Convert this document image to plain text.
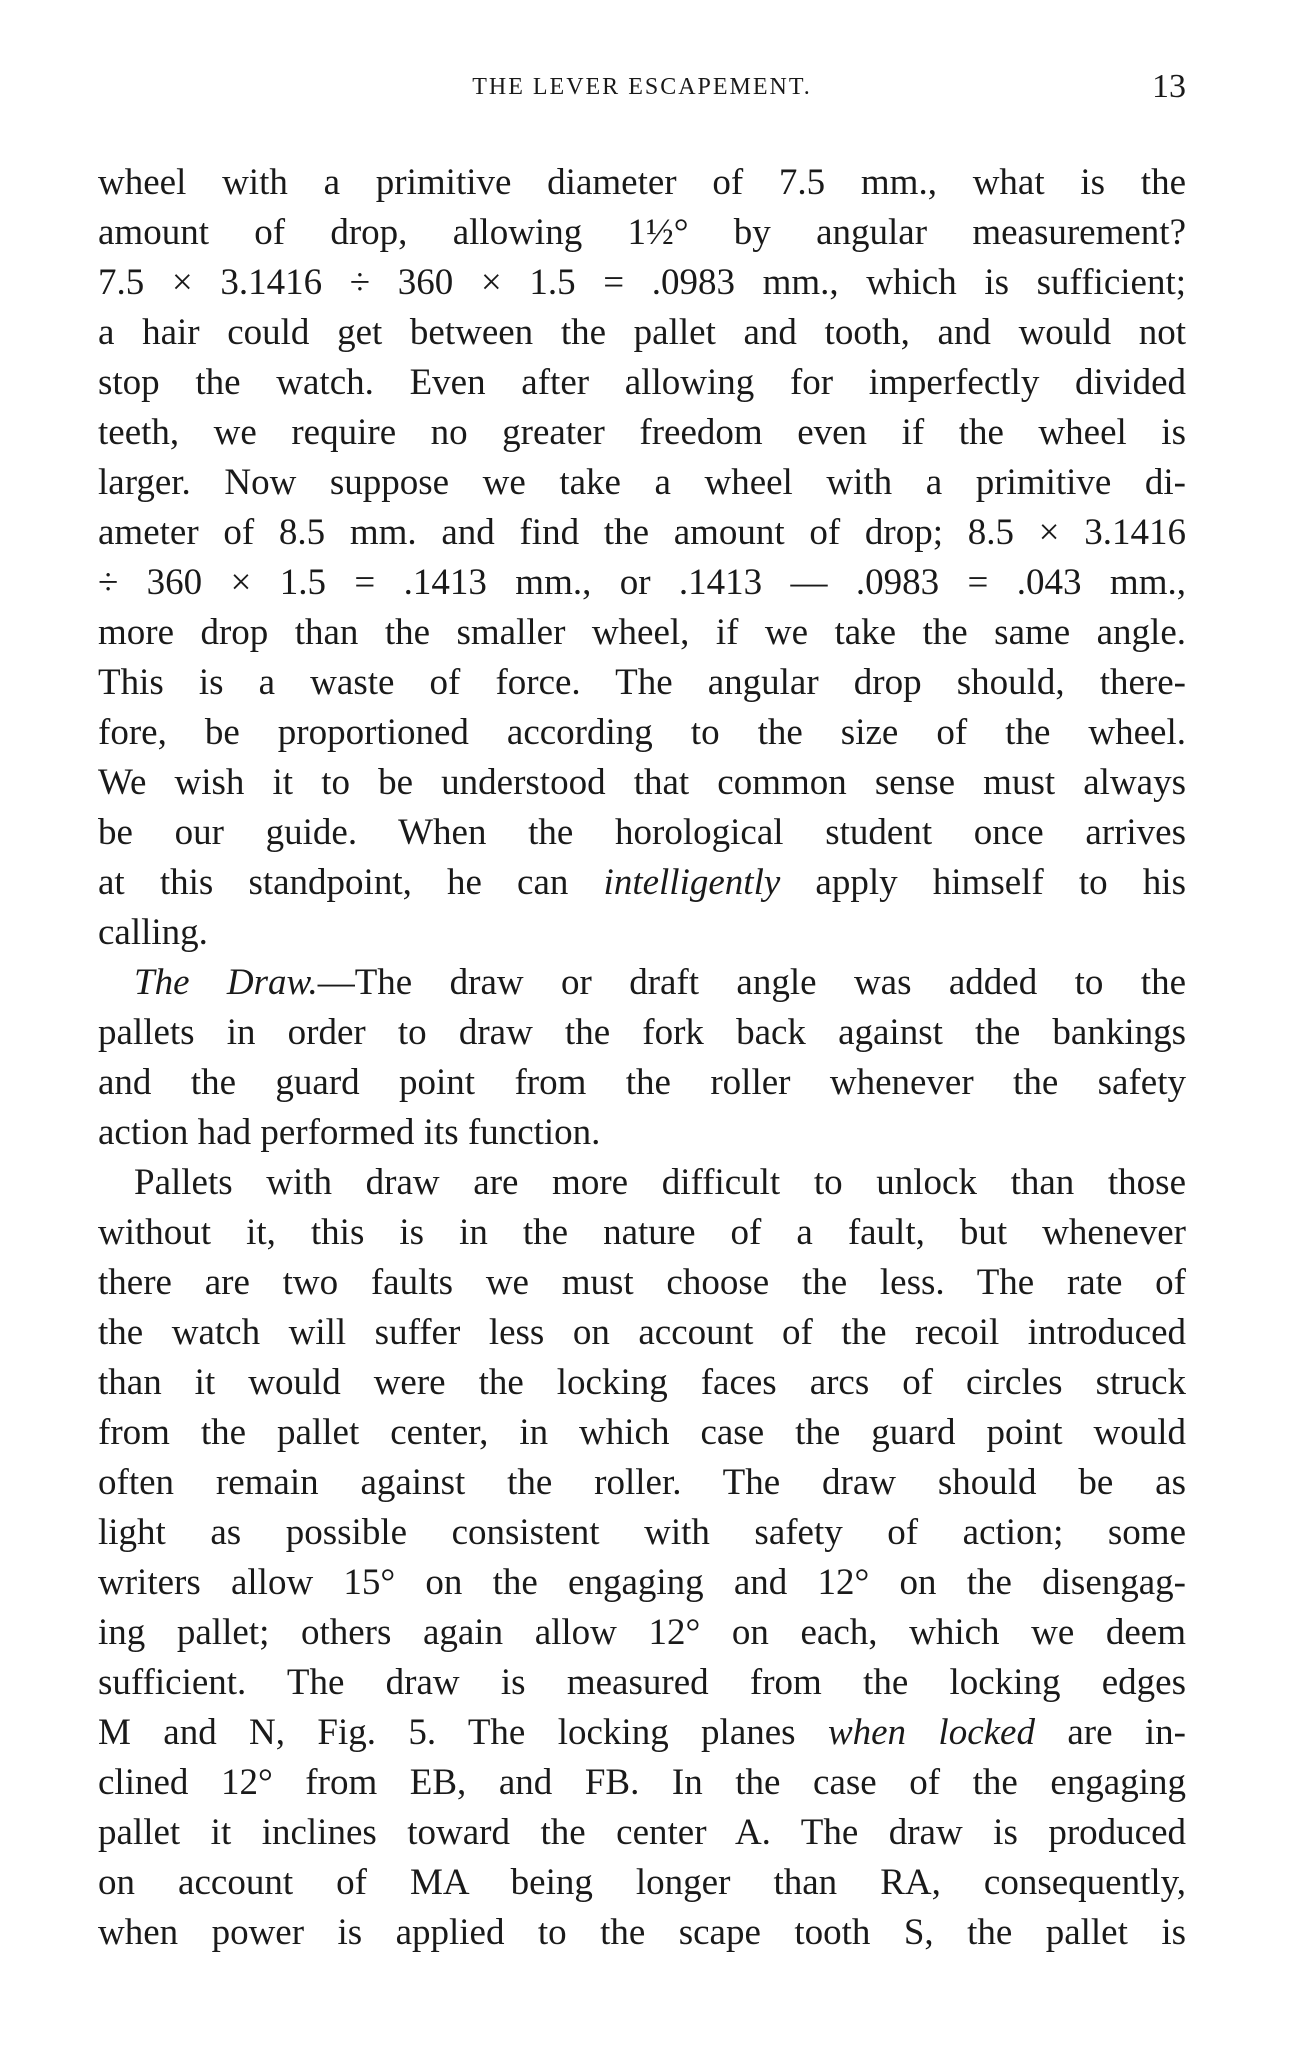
THE LEVER ESCAPEMENT.	13
wheel with a primitive diameter of 7.5 mm., what is the
amount of drop, allowing 1½° by angular measurement?
7.5 × 3.1416 ÷ 360 × 1.5 = .0983 mm., which is sufficient;
a hair could get between the pallet and tooth, and would not
stop the watch. Even after allowing for imperfectly divided
teeth, we require no greater freedom even if the wheel is
larger. Now suppose we take a wheel with a primitive di-
ameter of 8.5 mm. and find the amount of drop; 8.5 × 3.1416
÷ 360 × 1.5 = .1413 mm., or .1413 — .0983 = .043 mm.,
more drop than the smaller wheel, if we take the same angle.
This is a waste of force. The angular drop should, there-
fore, be proportioned according to the size of the wheel.
We wish it to be understood that common sense must always
be our guide. When the horological student once arrives
at this standpoint, he can intelligently apply himself to his
calling.
The Draw.—The draw or draft angle was added to the
pallets in order to draw the fork back against the bankings
and the guard point from the roller whenever the safety
action had performed its function.
Pallets with draw are more difficult to unlock than those
without it, this is in the nature of a fault, but whenever
there are two faults we must choose the less. The rate of
the watch will suffer less on account of the recoil introduced
than it would were the locking faces arcs of circles struck
from the pallet center, in which case the guard point would
often remain against the roller. The draw should be as
light as possible consistent with safety of action; some
writers allow 15° on the engaging and 12° on the disengag-
ing pallet; others again allow 12° on each, which we deem
sufficient. The draw is measured from the locking edges
M and N, Fig. 5. The locking planes when locked are in-
clined 12° from EB, and FB. In the case of the engaging
pallet it inclines toward the center A. The draw is produced
on account of MA being longer than RA, consequently,
when power is applied to the scape tooth S, the pallet is
